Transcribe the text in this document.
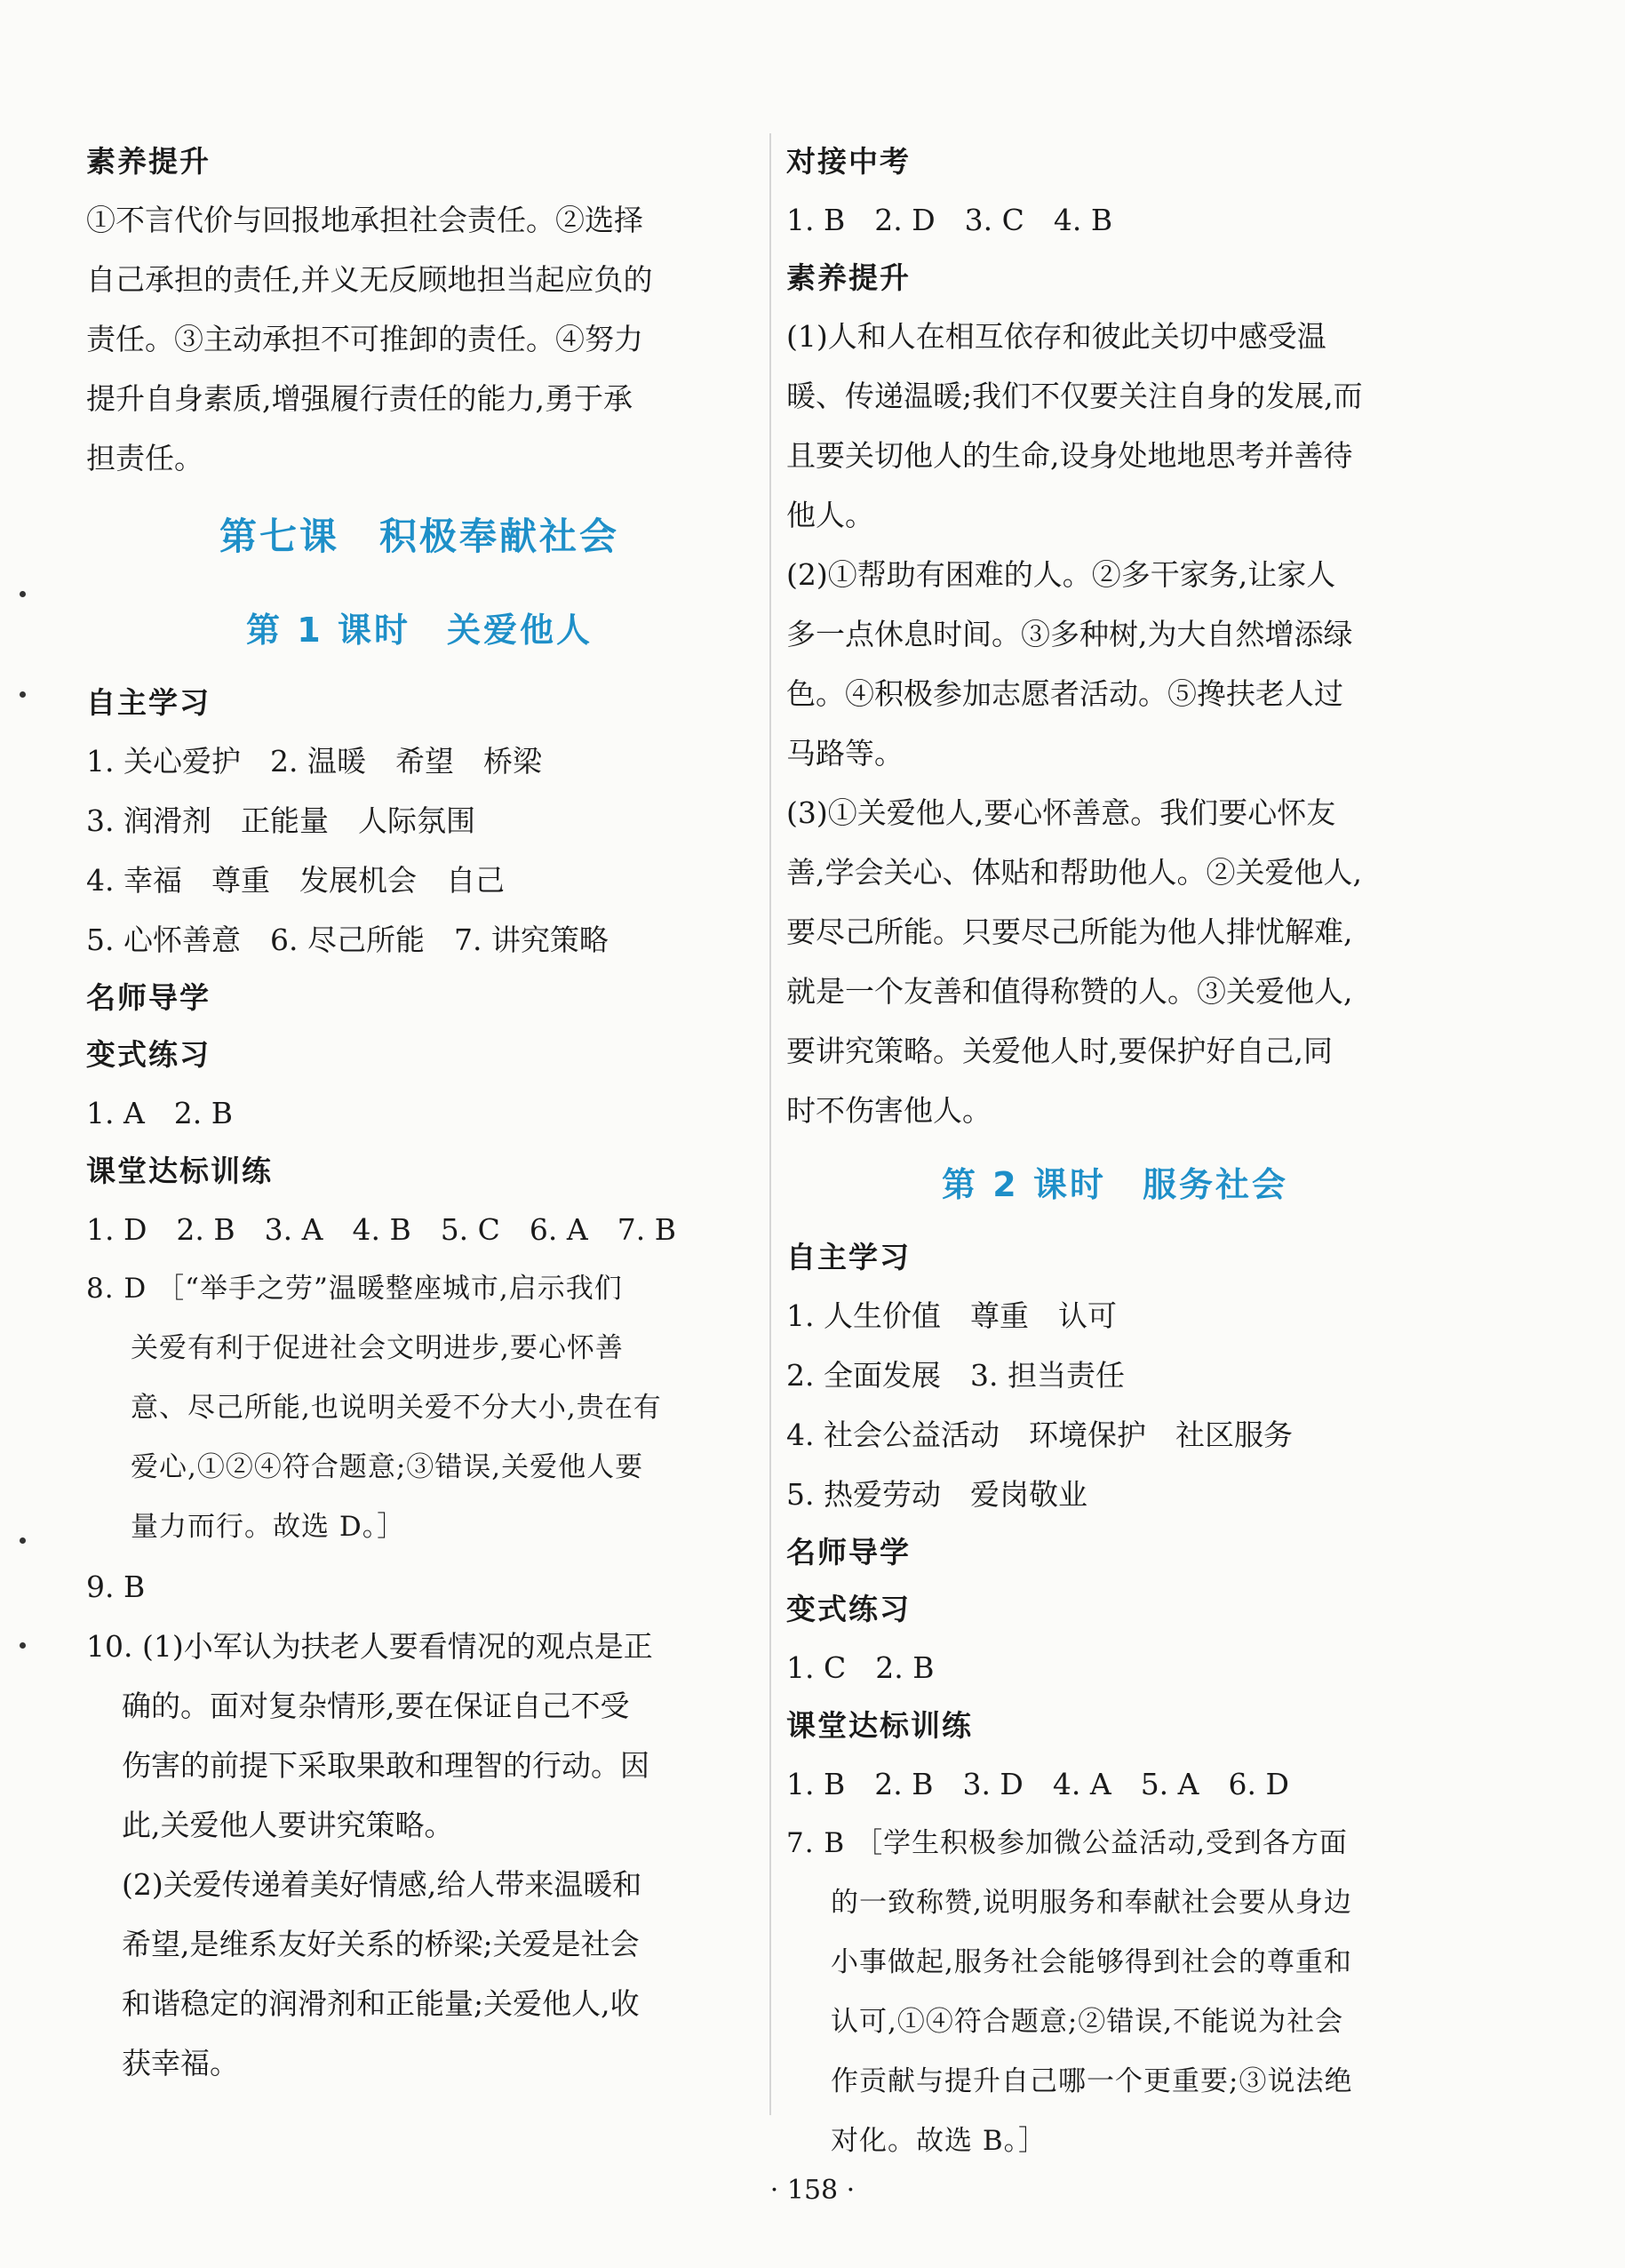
素养提升
①不言代价与回报地承担社会责任。②选择
自己承担的责任,并义无反顾地担当起应负的
责任。③主动承担不可推卸的责任。④努力
提升自身素质,增强履行责任的能力,勇于承
担责任。
第七课　积极奉献社会
第 1 课时　关爱他人
自主学习
1. 关心爱护　2. 温暖　希望　桥梁
3. 润滑剂　正能量　人际氛围
4. 幸福　尊重　发展机会　自己
5. 心怀善意　6. 尽己所能　7. 讲究策略
名师导学
变式练习
1. A　2. B
课堂达标训练
1. D　2. B　3. A　4. B　5. C　6. A　7. B
8. D ［“举手之劳”温暖整座城市,启示我们
关爱有利于促进社会文明进步,要心怀善
意、尽己所能,也说明关爱不分大小,贵在有
爱心,①②④符合题意;③错误,关爱他人要
量力而行。故选 D。］
9. B
10. (1)小军认为扶老人要看情况的观点是正
确的。面对复杂情形,要在保证自己不受
伤害的前提下采取果敢和理智的行动。因
此,关爱他人要讲究策略。
(2)关爱传递着美好情感,给人带来温暖和
希望,是维系友好关系的桥梁;关爱是社会
和谐稳定的润滑剂和正能量;关爱他人,收
获幸福。
对接中考
1. B　2. D　3. C　4. B
素养提升
(1)人和人在相互依存和彼此关切中感受温
暖、传递温暖;我们不仅要关注自身的发展,而
且要关切他人的生命,设身处地地思考并善待
他人。
(2)①帮助有困难的人。②多干家务,让家人
多一点休息时间。③多种树,为大自然增添绿
色。④积极参加志愿者活动。⑤搀扶老人过
马路等。
(3)①关爱他人,要心怀善意。我们要心怀友
善,学会关心、体贴和帮助他人。②关爱他人,
要尽己所能。只要尽己所能为他人排忧解难,
就是一个友善和值得称赞的人。③关爱他人,
要讲究策略。关爱他人时,要保护好自己,同
时不伤害他人。
第 2 课时　服务社会
自主学习
1. 人生价值　尊重　认可
2. 全面发展　3. 担当责任
4. 社会公益活动　环境保护　社区服务
5. 热爱劳动　爱岗敬业
名师导学
变式练习
1. C　2. B
课堂达标训练
1. B　2. B　3. D　4. A　5. A　6. D
7. B ［学生积极参加微公益活动,受到各方面
的一致称赞,说明服务和奉献社会要从身边
小事做起,服务社会能够得到社会的尊重和
认可,①④符合题意;②错误,不能说为社会
作贡献与提升自己哪一个更重要;③说法绝
对化。故选 B。］
· 158 ·
